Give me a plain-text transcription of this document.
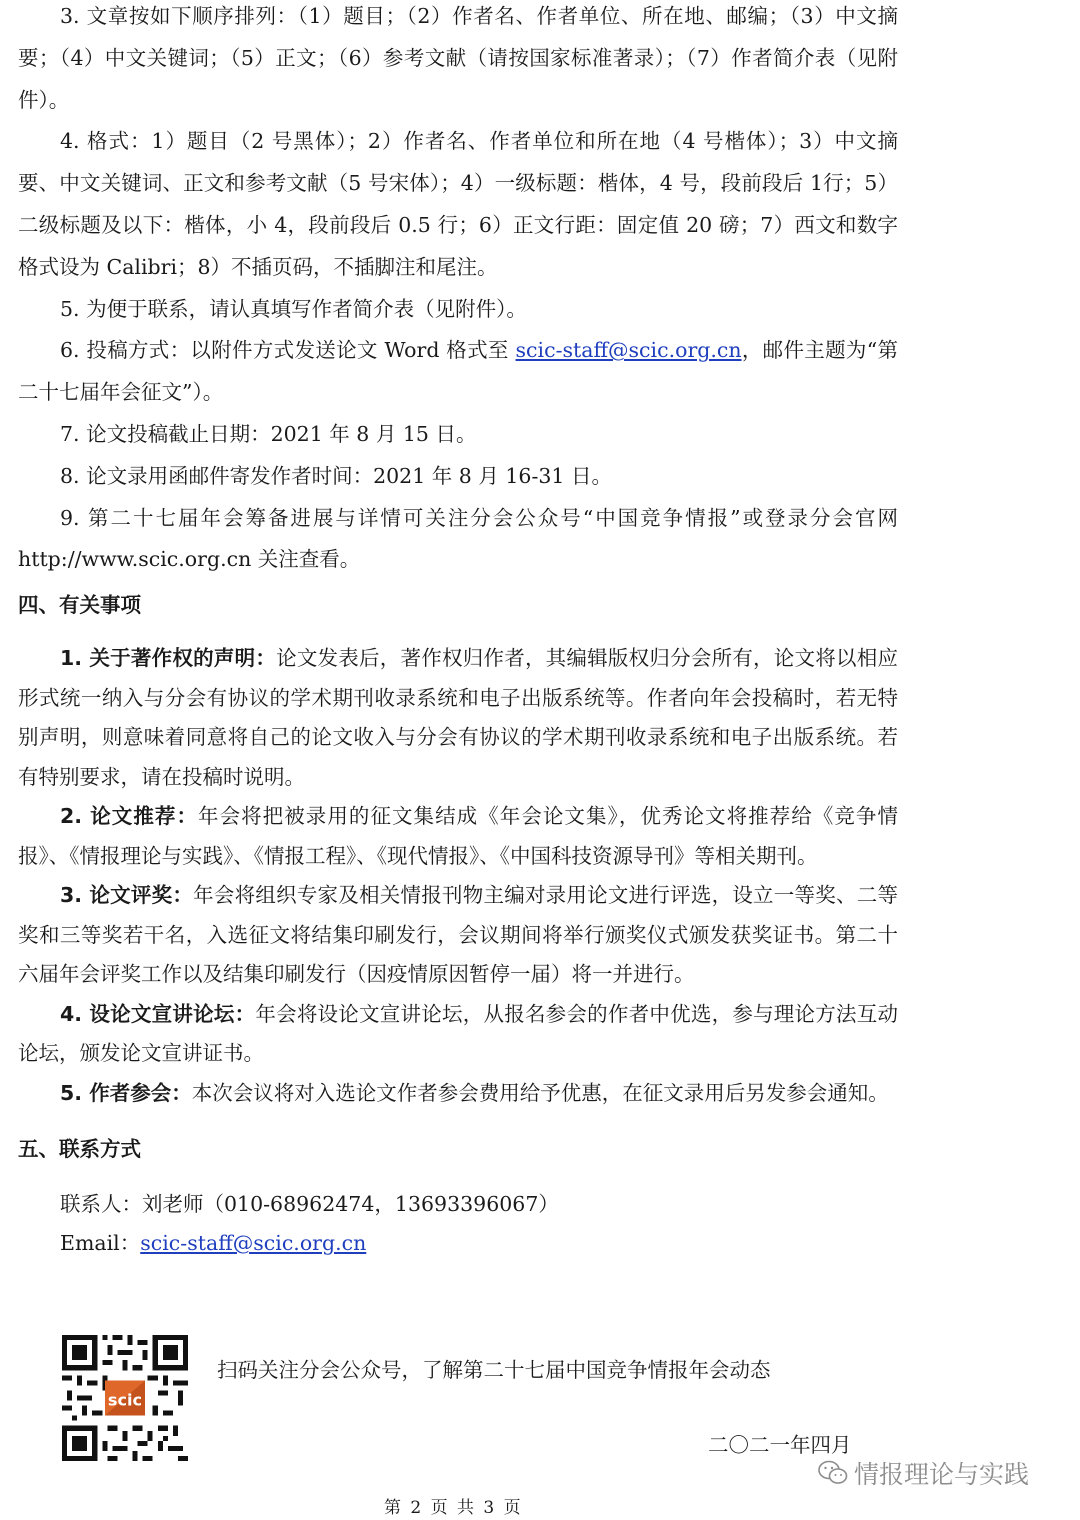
3. 文章按如下顺序排列：（1）题目；（2）作者名、作者单位、所在地、邮编；（3）中文摘要；（4）中文关键词；（5）正文；（6）参考文献（请按国家标准著录）；（7）作者简介表（见附件）。

4. 格式：1）题目（2 号黑体）；2）作者名、作者单位和所在地（4 号楷体）；3）中文摘要、中文关键词、正文和参考文献（5 号宋体）；4）一级标题：楷体，4 号，段前段后 1行；5）二级标题及以下：楷体，小 4，段前段后 0.5 行；6）正文行距：固定值 20 磅；7）西文和数字格式设为 Calibri；8）不插页码，不插脚注和尾注。

5. 为便于联系，请认真填写作者简介表（见附件）。

6. 投稿方式：以附件方式发送论文 Word 格式至 scic-staff@scic.org.cn，邮件主题为“第二十七届年会征文”）。

7. 论文投稿截止日期：2021 年 8 月 15 日。

8. 论文录用函邮件寄发作者时间：2021 年 8 月 16-31 日。

9. 第二十七届年会筹备进展与详情可关注分会公众号“中国竞争情报”或登录分会官网 http://www.scic.org.cn 关注查看。

四、有关事项

1. 关于著作权的声明：论文发表后，著作权归作者，其编辑版权归分会所有，论文将以相应形式统一纳入与分会有协议的学术期刊收录系统和电子出版系统等。作者向年会投稿时，若无特别声明，则意味着同意将自己的论文收入与分会有协议的学术期刊收录系统和电子出版系统。若有特别要求，请在投稿时说明。

2. 论文推荐：年会将把被录用的征文集结成《年会论文集》，优秀论文将推荐给《竞争情报》、《情报理论与实践》、《情报工程》、《现代情报》、《中国科技资源导刊》等相关期刊。

3. 论文评奖：年会将组织专家及相关情报刊物主编对录用论文进行评选，设立一等奖、二等奖和三等奖若干名，入选征文将结集印刷发行，会议期间将举行颁奖仪式颁发获奖证书。第二十六届年会评奖工作以及结集印刷发行（因疫情原因暂停一届）将一并进行。

4. 设论文宣讲论坛：年会将设论文宣讲论坛，从报名参会的作者中优选，参与理论方法互动论坛，颁发论文宣讲证书。

5. 作者参会：本次会议将对入选论文作者参会费用给予优惠，在征文录用后另发参会通知。

五、联系方式

联系人：刘老师（010-68962474，13693396067）

Email：scic-staff@scic.org.cn

scic
扫码关注分会公众号，了解第二十七届中国竞争情报年会动态
二〇二一年四月
情报理论与实践
第 2 页 共 3 页
